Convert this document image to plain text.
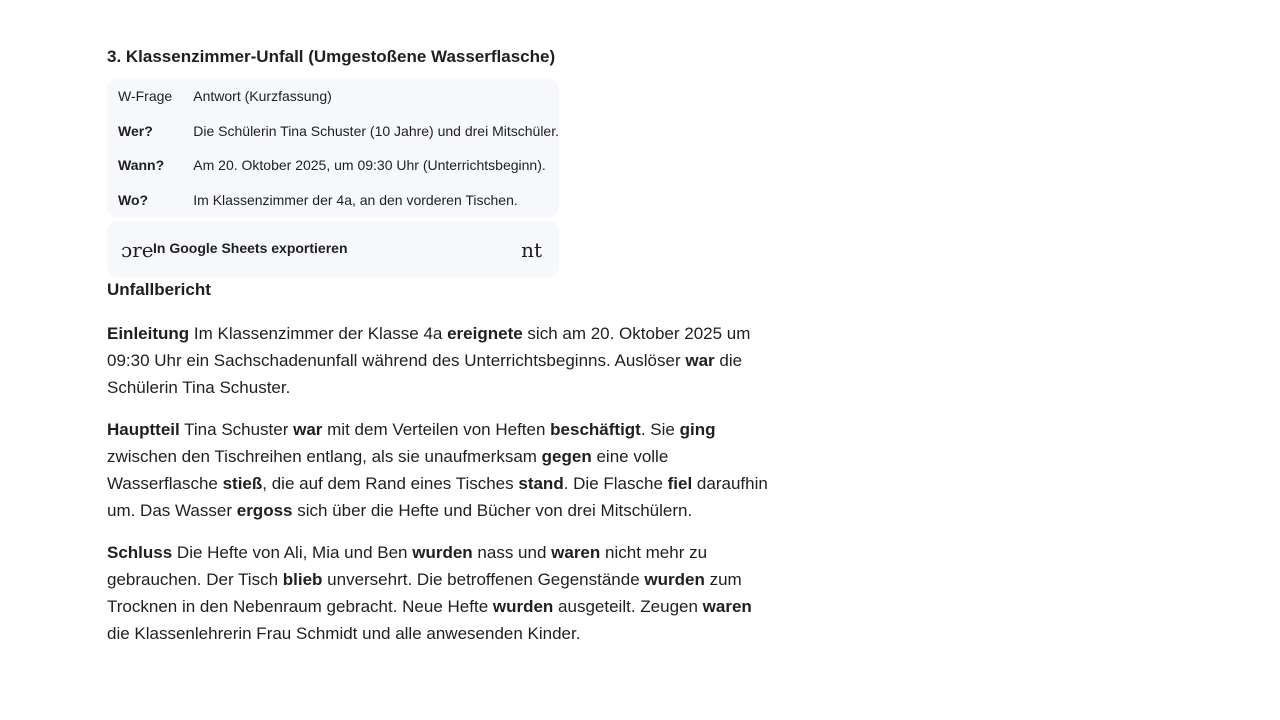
3. Klassenzimmer-Unfall (Umgestoßene Wasserflasche)
W-Frage	Antwort (Kurzfassung)
Wer?	Die Schülerin Tina Schuster (10 Jahre) und drei Mitschüler.
Wann?	Am 20. Oktober 2025, um 09:30 Uhr (Unterrichtsbeginn).
Wo?	Im Klassenzimmer der 4a, an den vorderen Tischen.
ɔre In Google Sheets exportieren	nt
Unfallbericht

Einleitung Im Klassenzimmer der Klasse 4a ereignete sich am 20. Oktober 2025 um 09:30 Uhr ein Sachschadenunfall während des Unterrichtsbeginns. Auslöser war die Schülerin Tina Schuster.

Hauptteil Tina Schuster war mit dem Verteilen von Heften beschäftigt. Sie ging zwischen den Tischreihen entlang, als sie unaufmerksam gegen eine volle Wasserflasche stieß, die auf dem Rand eines Tisches stand. Die Flasche fiel daraufhin um. Das Wasser ergoss sich über die Hefte und Bücher von drei Mitschülern.

Schluss Die Hefte von Ali, Mia und Ben wurden nass und waren nicht mehr zu gebrauchen. Der Tisch blieb unversehrt. Die betroffenen Gegenstände wurden zum Trocknen in den Nebenraum gebracht. Neue Hefte wurden ausgeteilt. Zeugen waren die Klassenlehrerin Frau Schmidt und alle anwesenden Kinder.
